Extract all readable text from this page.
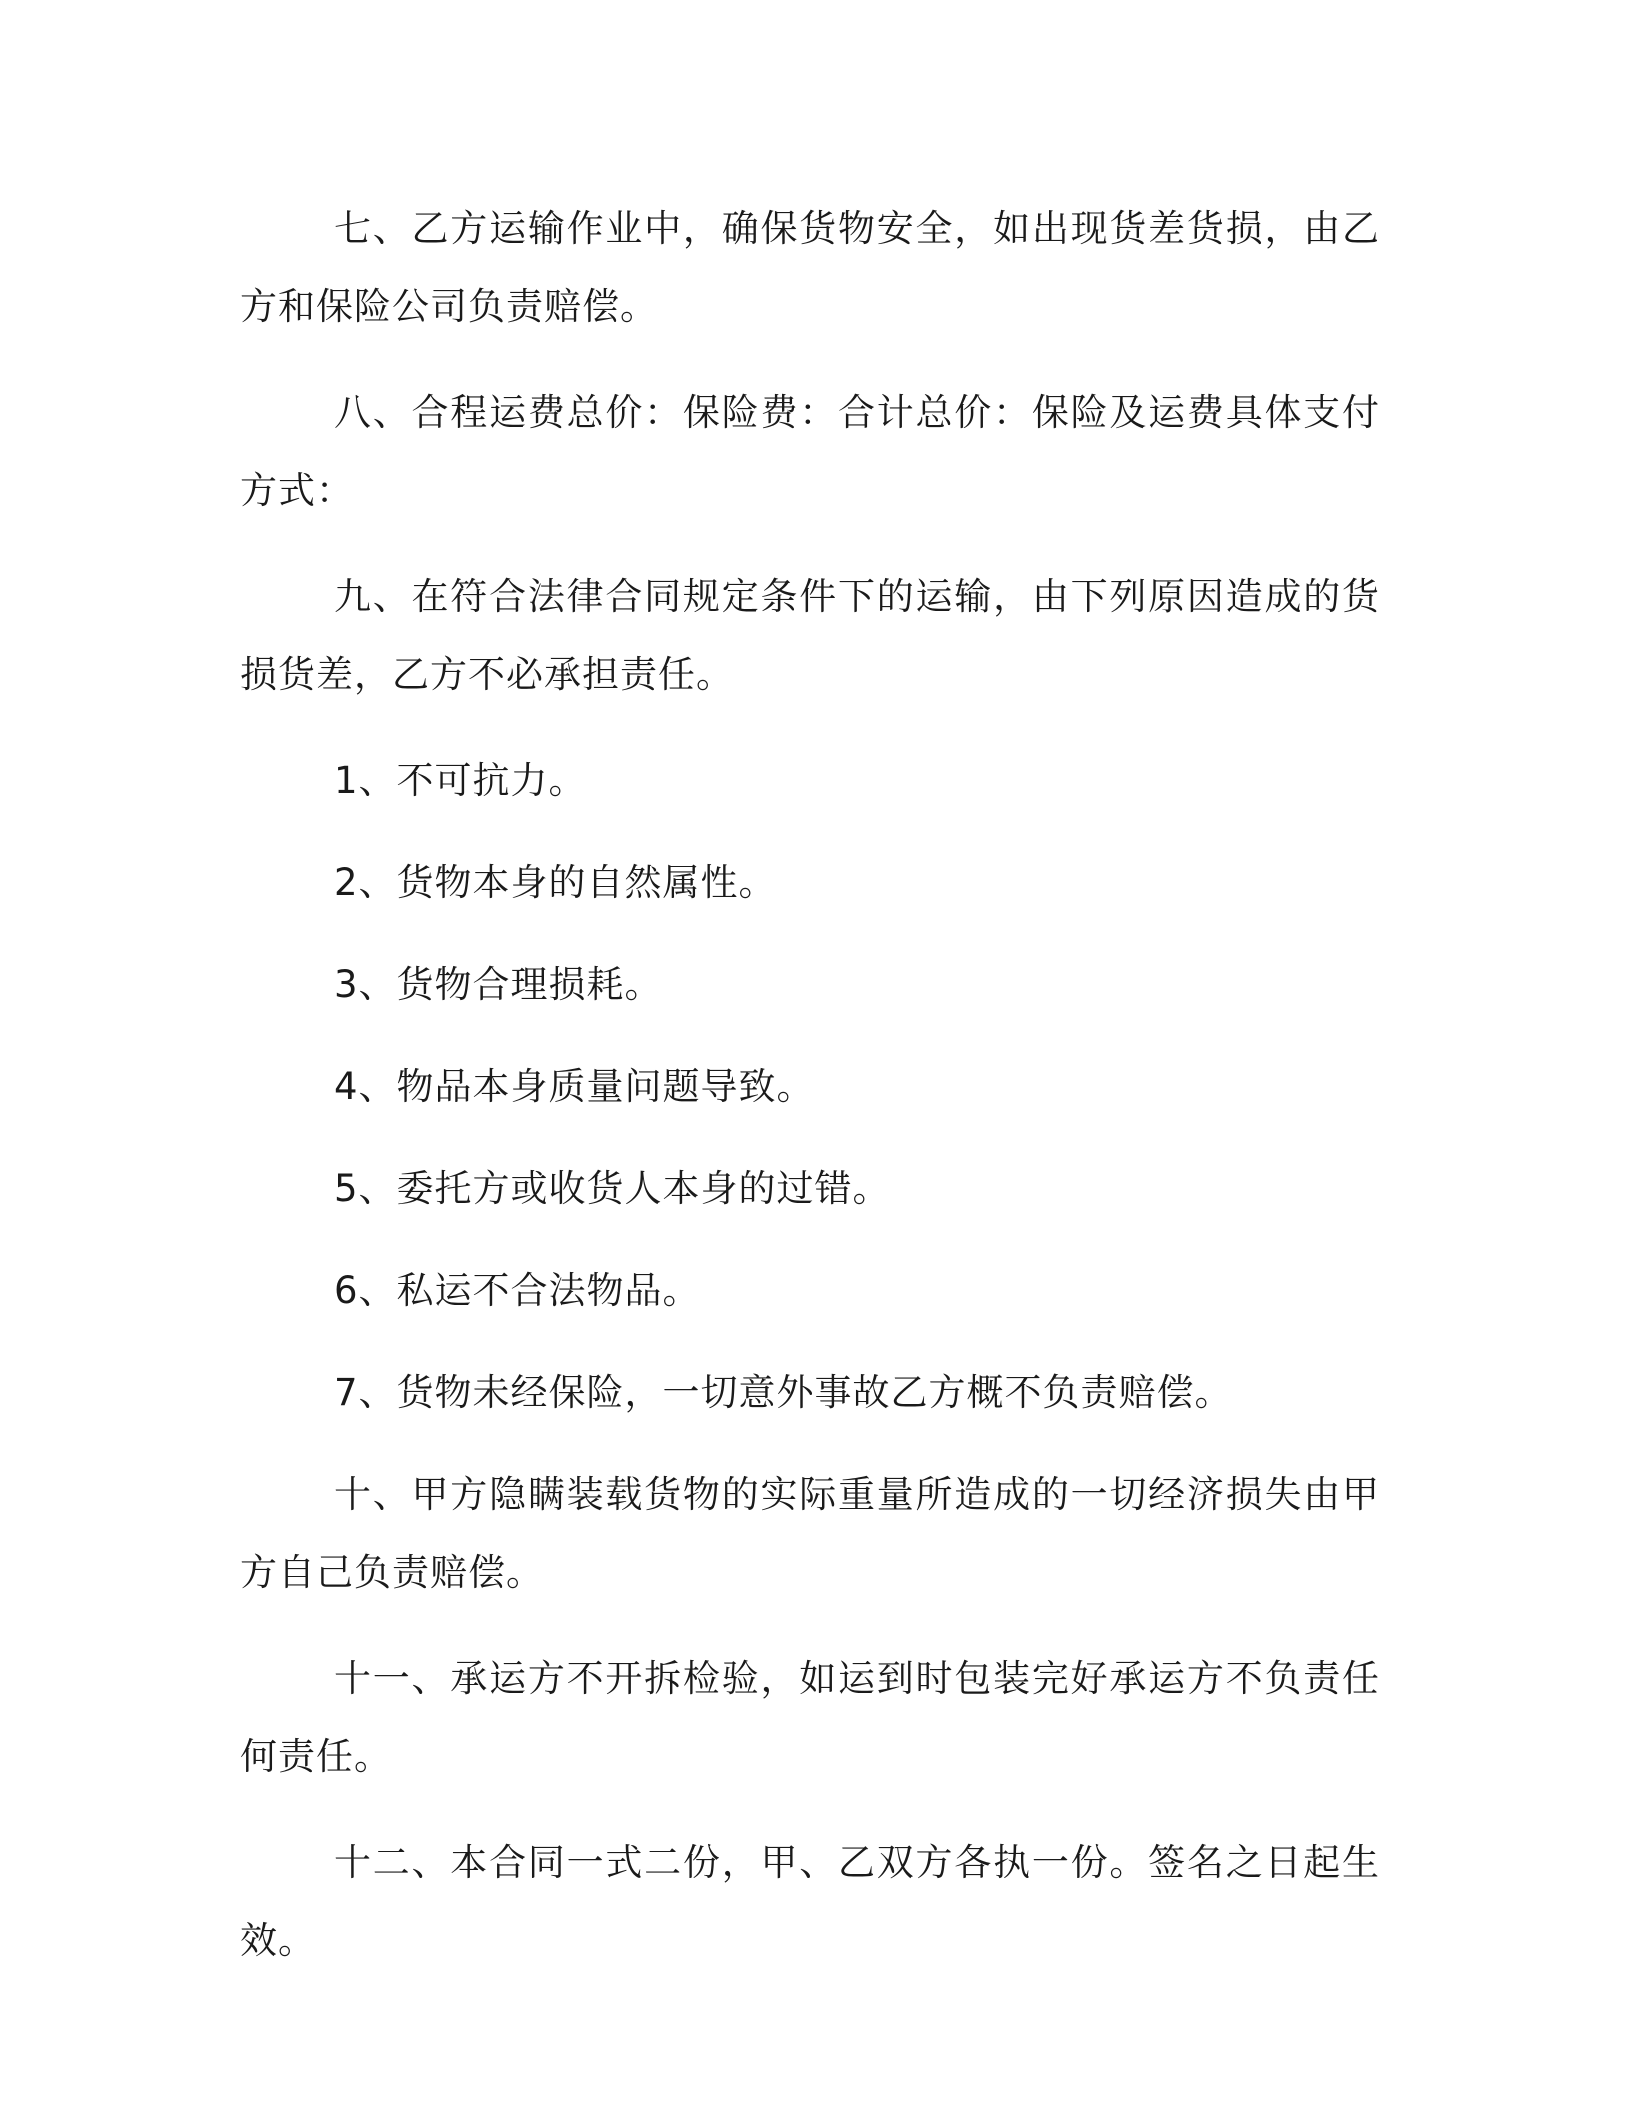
七、乙方运输作业中，确保货物安全，如出现货差货损，由乙方和保险公司负责赔偿。

八、合程运费总价：保险费：合计总价：保险及运费具体支付方式：

九、在符合法律合同规定条件下的运输，由下列原因造成的货损货差，乙方不必承担责任。

1、不可抗力。

2、货物本身的自然属性。

3、货物合理损耗。

4、物品本身质量问题导致。

5、委托方或收货人本身的过错。

6、私运不合法物品。

7、货物未经保险，一切意外事故乙方概不负责赔偿。

十、甲方隐瞒装载货物的实际重量所造成的一切经济损失由甲方自己负责赔偿。

十一、承运方不开拆检验，如运到时包装完好承运方不负责任何责任。

十二、本合同一式二份，甲、乙双方各执一份。签名之日起生效。
